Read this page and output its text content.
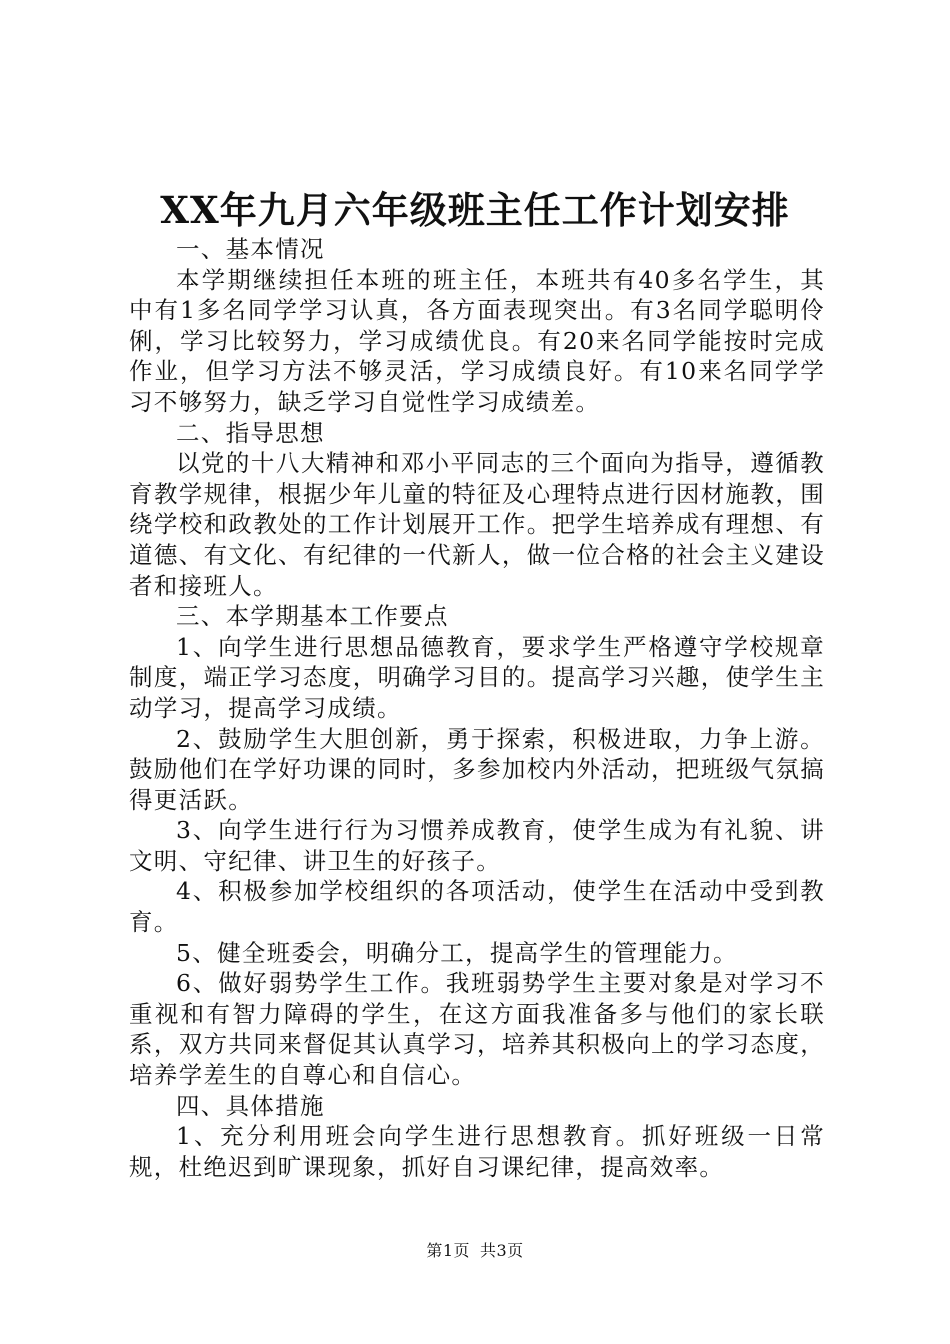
XX年九月六年级班主任工作计划安排

一、基本情况

本学期继续担任本班的班主任，本班共有40多名学生，其中有1多名同学学习认真，各方面表现突出。有3名同学聪明伶俐，学习比较努力，学习成绩优良。有20来名同学能按时完成作业，但学习方法不够灵活，学习成绩良好。有10来名同学学习不够努力，缺乏学习自觉性学习成绩差。

二、指导思想

以党的十八大精神和邓小平同志的三个面向为指导，遵循教育教学规律，根据少年儿童的特征及心理特点进行因材施教，围绕学校和政教处的工作计划展开工作。把学生培养成有理想、有道德、有文化、有纪律的一代新人，做一位合格的社会主义建设者和接班人。

三、本学期基本工作要点

1、向学生进行思想品德教育，要求学生严格遵守学校规章制度，端正学习态度，明确学习目的。提高学习兴趣，使学生主动学习，提高学习成绩。

2、鼓励学生大胆创新，勇于探索，积极进取，力争上游。鼓励他们在学好功课的同时，多参加校内外活动，把班级气氛搞得更活跃。

3、向学生进行行为习惯养成教育，使学生成为有礼貌、讲文明、守纪律、讲卫生的好孩子。

4、积极参加学校组织的各项活动，使学生在活动中受到教育。

5、健全班委会，明确分工，提高学生的管理能力。

6、做好弱势学生工作。我班弱势学生主要对象是对学习不重视和有智力障碍的学生，在这方面我准备多与他们的家长联系，双方共同来督促其认真学习，培养其积极向上的学习态度，培养学差生的自尊心和自信心。

四、具体措施

1、充分利用班会向学生进行思想教育。抓好班级一日常规，杜绝迟到旷课现象，抓好自习课纪律，提高效率。

第1页 共3页
